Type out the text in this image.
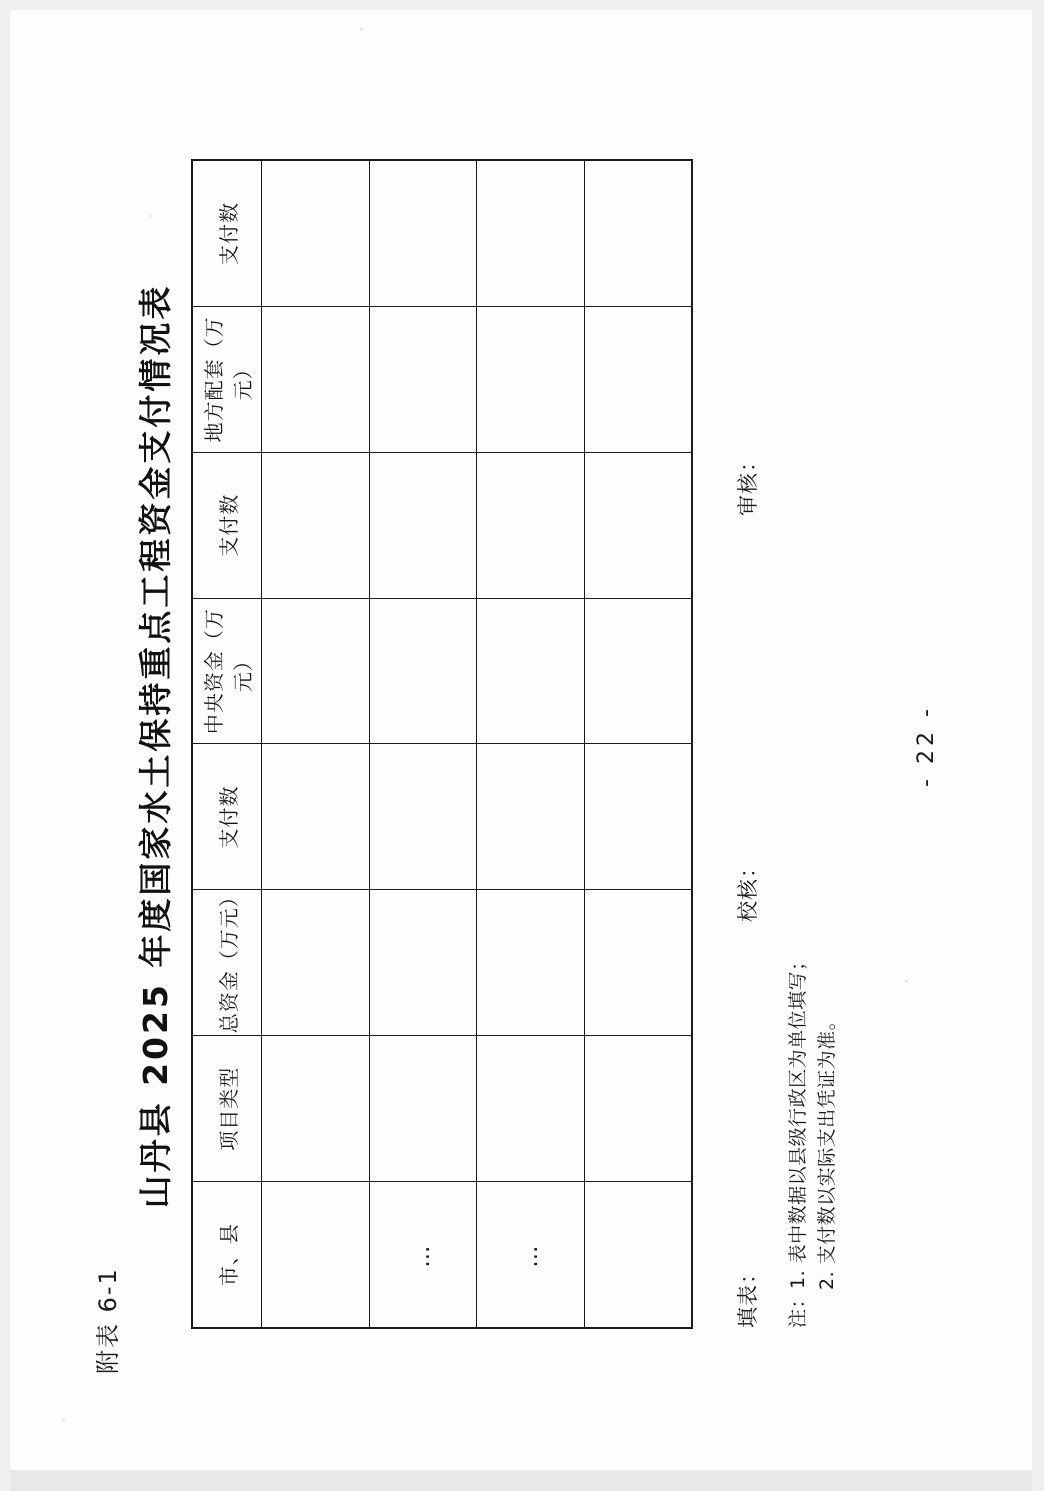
附表 6-1
山丹县 2025 年度国家水土保持重点工程资金支付情况表
市、县	项目类型	总资金（万元）	支付数	中央资金（万元）	支付数	地方配套（万元）	支付数

…							
…							

填表：
校核：
审核：
注：1. 表中数据以县级行政区为单位填写； 2. 支付数以实际支出凭证为准。
- 22 -
